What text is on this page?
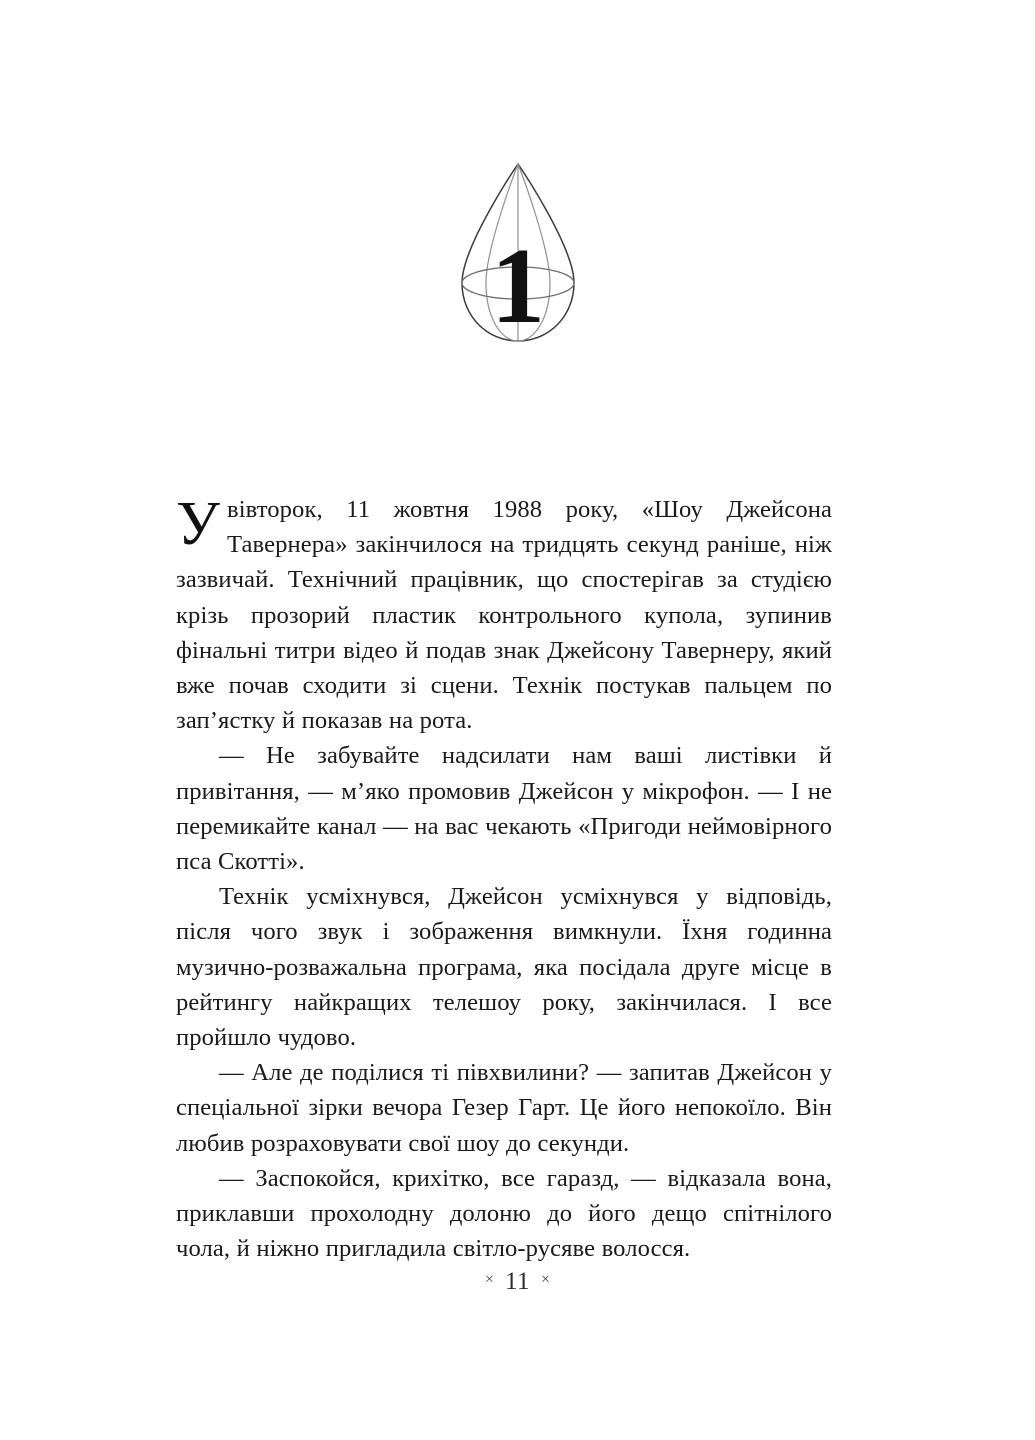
1

Увівторок, 11 жовтня 1988 року, «Шоу Джейсона Тавернера» закінчилося на тридцять секунд раніше, ніж зазвичай. Технічний працівник, що спостерігав за студією крізь прозорий пластик контрольного купола, зупинив фінальні титри відео й подав знак Джейсону Тавернеру, який вже почав сходити зі сцени. Технік постукав пальцем по зап’ястку й показав на рота.

— Не забувайте надсилати нам ваші листівки й привітання, — м’яко промовив Джейсон у мікрофон. — І не перемикайте канал — на вас чекають «Пригоди неймовірного пса Скотті».

Технік усміхнувся, Джейсон усміхнувся у відповідь, після чого звук і зображення вимкнули. Їхня годинна музично-розважальна програма, яка посідала друге місце в рейтингу найкращих телешоу року, закінчилася. І все пройшло чудово.

— Але де поділися ті півхвилини? — запитав Джейсон у спеціальної зірки вечора Гезер Гарт. Це його непокоїло. Він любив розраховувати свої шоу до секунди.

— Заспокойся, крихітко, все гаразд, — відказала вона, приклавши прохолодну долоню до його дещо спітнілого чола, й ніжно пригладила світло-русяве волосся.

× 11 ×
